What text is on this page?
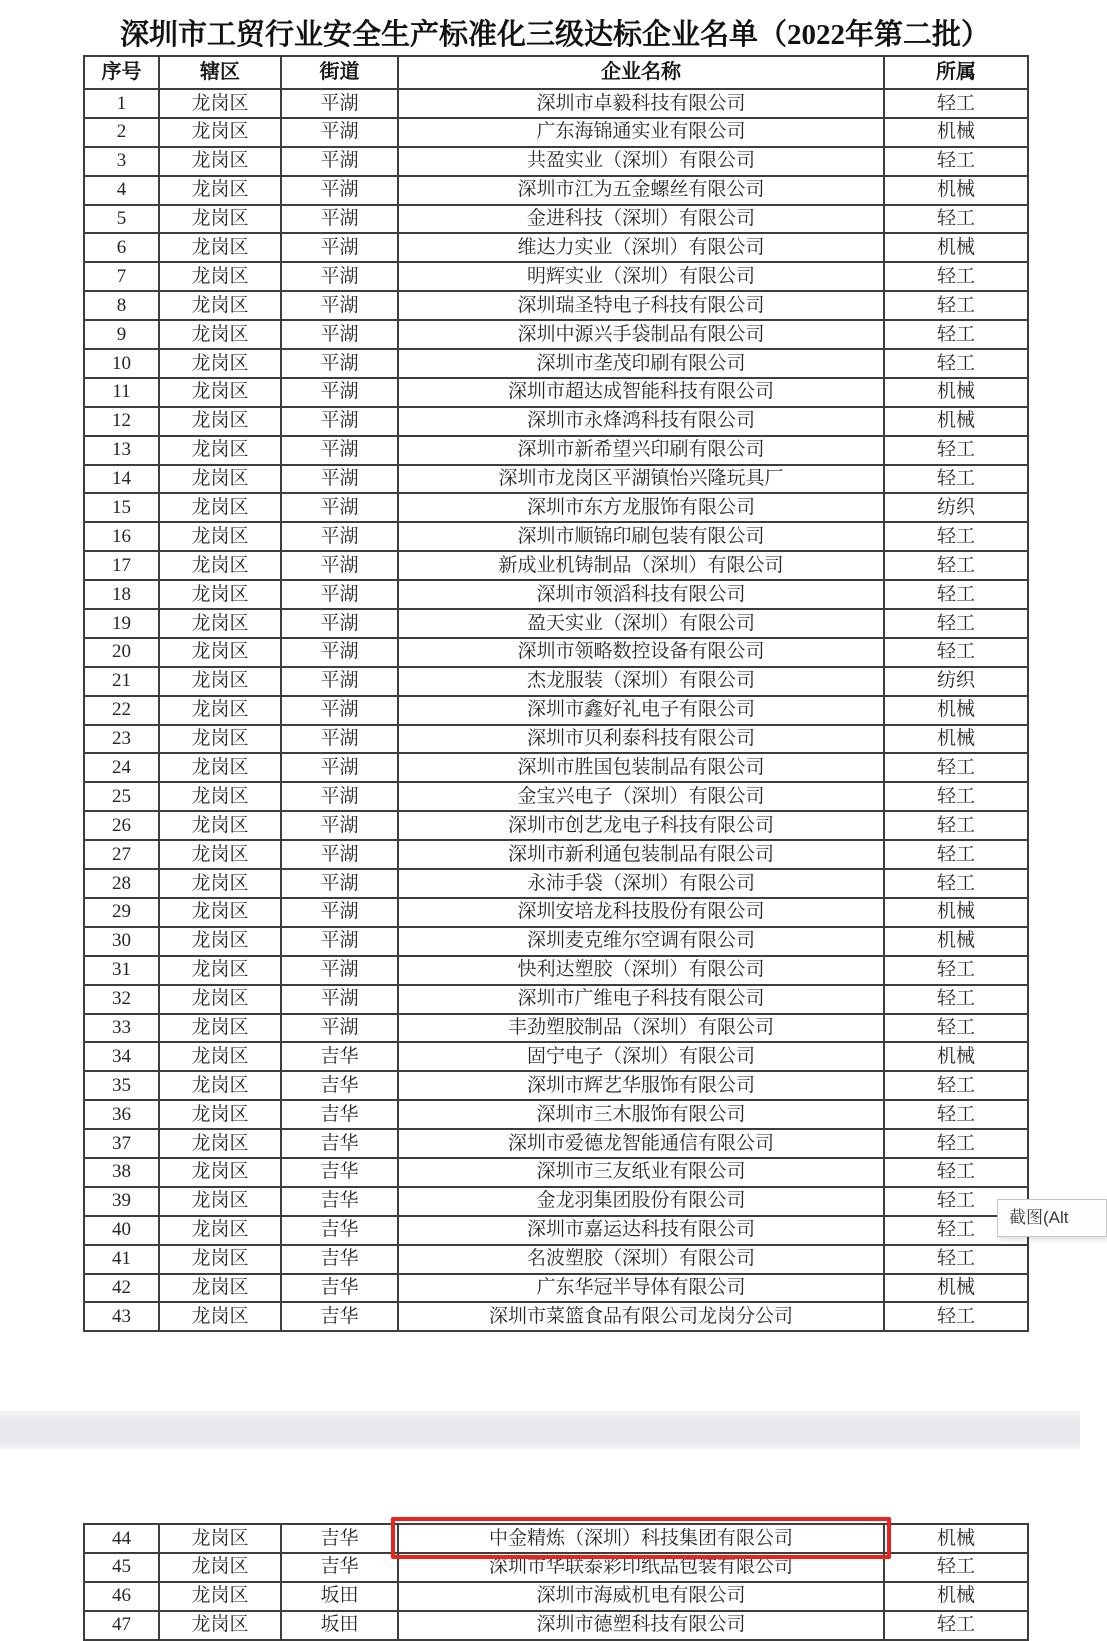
深圳市工贸行业安全生产标准化三级达标企业名单（2022年第二批）
序号	辖区	街道	企业名称	所属
1	龙岗区	平湖	深圳市卓毅科技有限公司	轻工
2	龙岗区	平湖	广东海锦通实业有限公司	机械
3	龙岗区	平湖	共盈实业（深圳）有限公司	轻工
4	龙岗区	平湖	深圳市江为五金螺丝有限公司	机械
5	龙岗区	平湖	金进科技（深圳）有限公司	轻工
6	龙岗区	平湖	维达力实业（深圳）有限公司	机械
7	龙岗区	平湖	明辉实业（深圳）有限公司	轻工
8	龙岗区	平湖	深圳瑞圣特电子科技有限公司	轻工
9	龙岗区	平湖	深圳中源兴手袋制品有限公司	轻工
10	龙岗区	平湖	深圳市垄茂印刷有限公司	轻工
11	龙岗区	平湖	深圳市超达成智能科技有限公司	机械
12	龙岗区	平湖	深圳市永烽鸿科技有限公司	机械
13	龙岗区	平湖	深圳市新希望兴印刷有限公司	轻工
14	龙岗区	平湖	深圳市龙岗区平湖镇怡兴隆玩具厂	轻工
15	龙岗区	平湖	深圳市东方龙服饰有限公司	纺织
16	龙岗区	平湖	深圳市顺锦印刷包装有限公司	轻工
17	龙岗区	平湖	新成业机铸制品（深圳）有限公司	轻工
18	龙岗区	平湖	深圳市领滔科技有限公司	轻工
19	龙岗区	平湖	盈天实业（深圳）有限公司	轻工
20	龙岗区	平湖	深圳市领略数控设备有限公司	轻工
21	龙岗区	平湖	杰龙服装（深圳）有限公司	纺织
22	龙岗区	平湖	深圳市鑫好礼电子有限公司	机械
23	龙岗区	平湖	深圳市贝利泰科技有限公司	机械
24	龙岗区	平湖	深圳市胜国包装制品有限公司	轻工
25	龙岗区	平湖	金宝兴电子（深圳）有限公司	轻工
26	龙岗区	平湖	深圳市创艺龙电子科技有限公司	轻工
27	龙岗区	平湖	深圳市新利通包装制品有限公司	轻工
28	龙岗区	平湖	永沛手袋（深圳）有限公司	轻工
29	龙岗区	平湖	深圳安培龙科技股份有限公司	机械
30	龙岗区	平湖	深圳麦克维尔空调有限公司	机械
31	龙岗区	平湖	快利达塑胶（深圳）有限公司	轻工
32	龙岗区	平湖	深圳市广维电子科技有限公司	轻工
33	龙岗区	平湖	丰劲塑胶制品（深圳）有限公司	轻工
34	龙岗区	吉华	固宁电子（深圳）有限公司	机械
35	龙岗区	吉华	深圳市辉艺华服饰有限公司	轻工
36	龙岗区	吉华	深圳市三木服饰有限公司	轻工
37	龙岗区	吉华	深圳市爱德龙智能通信有限公司	轻工
38	龙岗区	吉华	深圳市三友纸业有限公司	轻工
39	龙岗区	吉华	金龙羽集团股份有限公司	轻工
40	龙岗区	吉华	深圳市嘉运达科技有限公司	轻工
41	龙岗区	吉华	名波塑胶（深圳）有限公司	轻工
42	龙岗区	吉华	广东华冠半导体有限公司	机械
43	龙岗区	吉华	深圳市菜篮食品有限公司龙岗分公司	轻工
44	龙岗区	吉华	中金精炼（深圳）科技集团有限公司	机械
45	龙岗区	吉华	深圳市华联泰彩印纸品包装有限公司	轻工
46	龙岗区	坂田	深圳市海威机电有限公司	机械
47	龙岗区	坂田	深圳市德塑科技有限公司	轻工
截图(Alt
